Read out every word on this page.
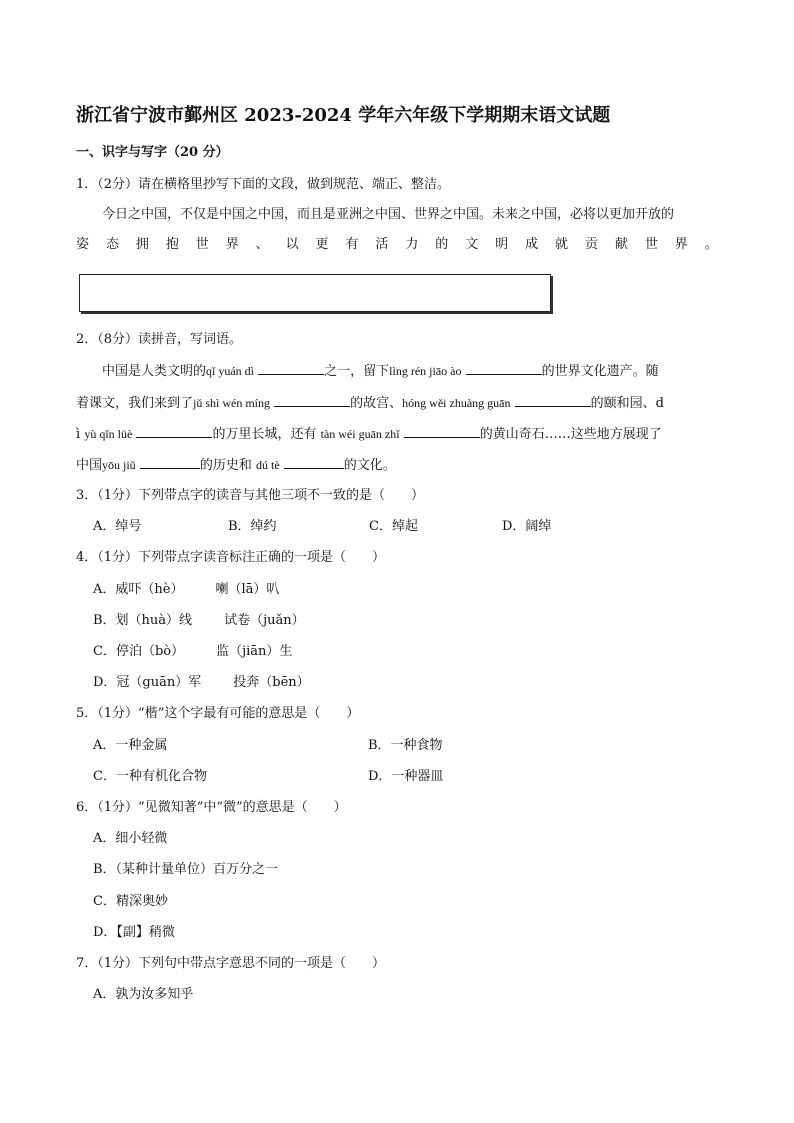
浙江省宁波市鄞州区 2023-2024 学年六年级下学期期末语文试题
一、识字与写字（20 分）
1．（2分）请在横格里抄写下面的文段，做到规范、端正、整洁。
今日之中国，不仅是中国之中国，而且是亚洲之中国、世界之中国。未来之中国，必将以更加开放的
姿 态 拥 抱 世 界 、 以 更 有 活 力 的 文 明 成 就 贡 献 世 界 。
2．（8分）读拼音，写词语。
中国是人类文明的qǐ yuán dì	之一，留下lìng rén jiāo ào	的世界文化遗产。随
着课文，我们来到了jǔ shì wén míng	的故宫、hóng wěi zhuàng guān	的颐和园、d
ì yù qǐn lüè	的万里长城，还有 tàn wéi guān zhǐ	的黄山奇石……这些地方展现了
中国yōu jiǔ	的历史和 dú tè	的文化。
3．（1分）下列带点字的读音与其他三项不一致的是（　　）
A．绰号	B．绰约	C．绰起	D．阔绰
4．（1分）下列带点字读音标注正确的一项是（　　）
A．威吓（hè） 喇（lā）叭
B．划（huà）线 试卷（juǎn）
C．停泊（bò） 监（jiān）生
D．冠（guān）军 投奔（bēn）
5．（1分）“楷”这个字最有可能的意思是（　　）
A．一种金属	B．一种食物
C．一种有机化合物	D．一种器皿
6．（1分）“见微知著”中“微”的意思是（　　）
A．细小轻微
B．（某种计量单位）百万分之一
C．精深奥妙
D．【副】稍微
7．（1分）下列句中带点字意思不同的一项是（　　）
A．孰为汝多知乎
